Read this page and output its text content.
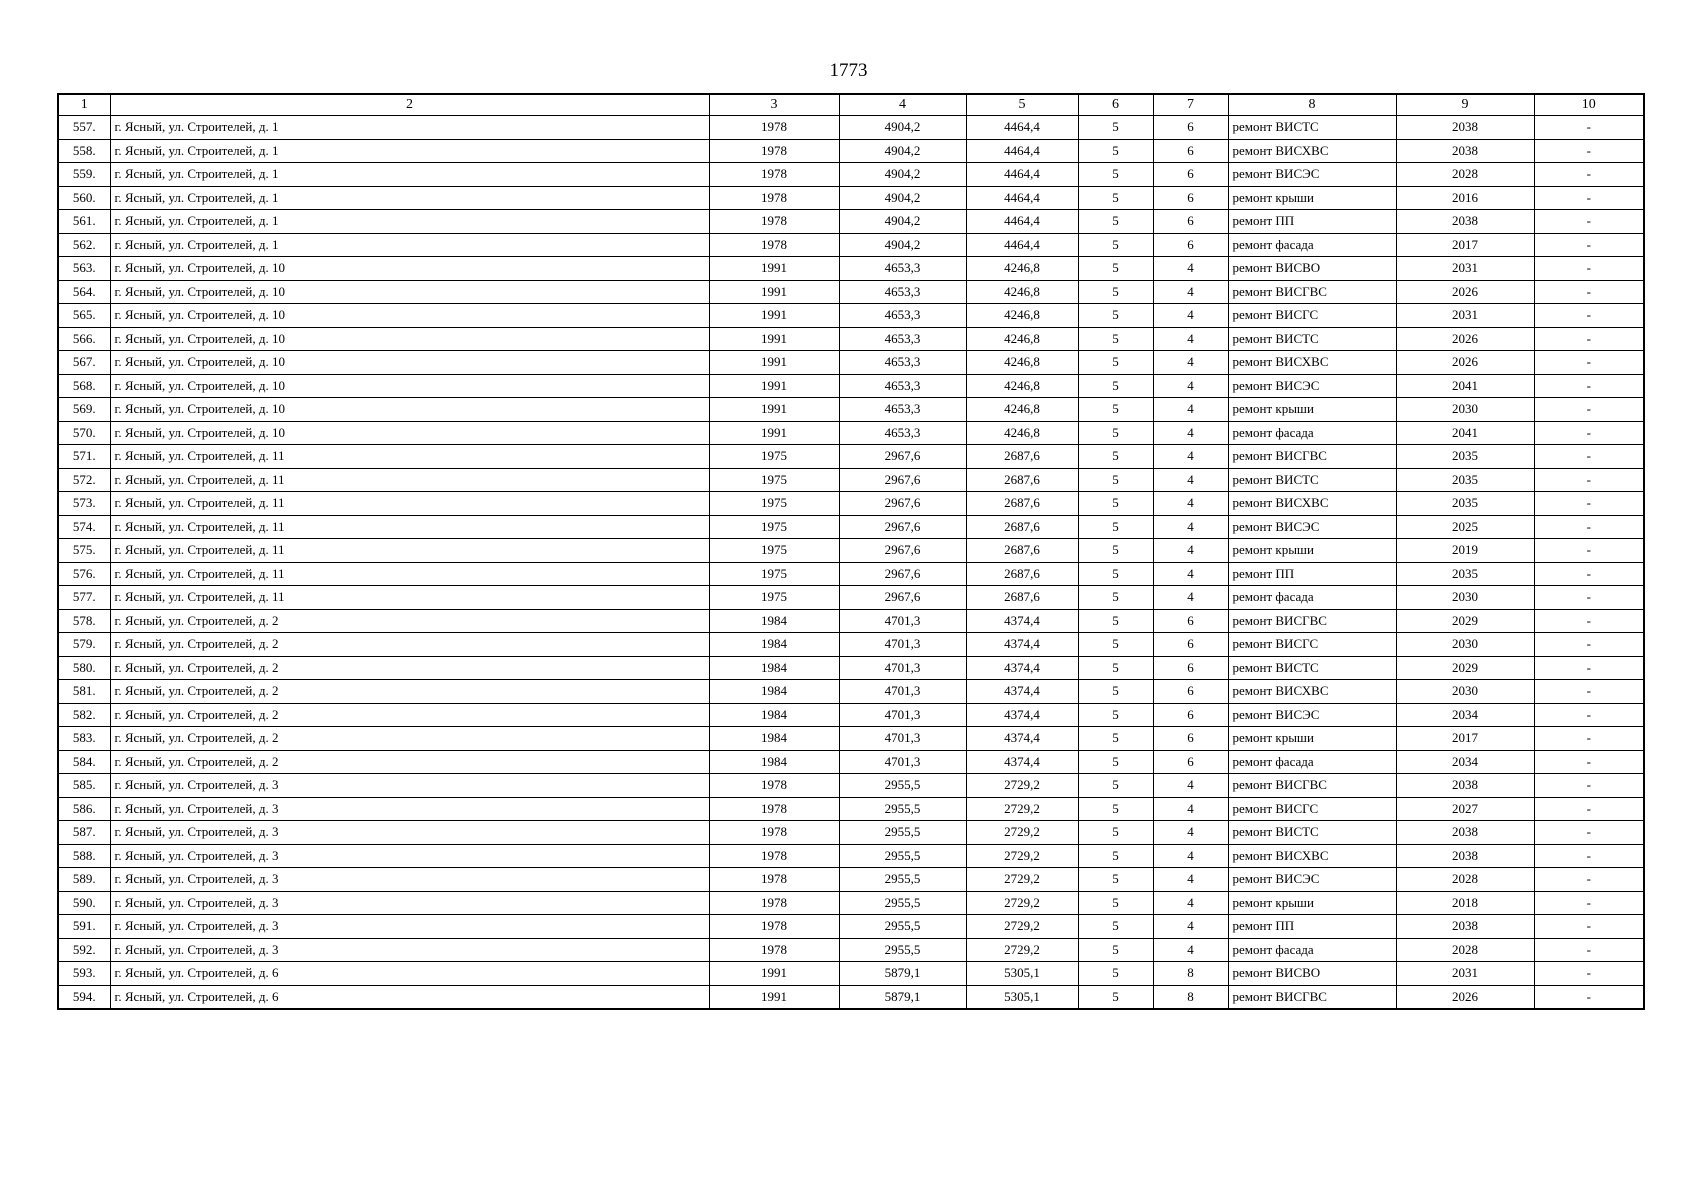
1773
1	2	3	4	5	6	7	8	9	10
557.	г. Ясный, ул. Строителей, д. 1	1978	4904,2	4464,4	5	6	ремонт ВИСТС	2038	-
558.	г. Ясный, ул. Строителей, д. 1	1978	4904,2	4464,4	5	6	ремонт ВИСХВС	2038	-
559.	г. Ясный, ул. Строителей, д. 1	1978	4904,2	4464,4	5	6	ремонт ВИСЭС	2028	-
560.	г. Ясный, ул. Строителей, д. 1	1978	4904,2	4464,4	5	6	ремонт крыши	2016	-
561.	г. Ясный, ул. Строителей, д. 1	1978	4904,2	4464,4	5	6	ремонт ПП	2038	-
562.	г. Ясный, ул. Строителей, д. 1	1978	4904,2	4464,4	5	6	ремонт фасада	2017	-
563.	г. Ясный, ул. Строителей, д. 10	1991	4653,3	4246,8	5	4	ремонт ВИСВО	2031	-
564.	г. Ясный, ул. Строителей, д. 10	1991	4653,3	4246,8	5	4	ремонт ВИСГВС	2026	-
565.	г. Ясный, ул. Строителей, д. 10	1991	4653,3	4246,8	5	4	ремонт ВИСГС	2031	-
566.	г. Ясный, ул. Строителей, д. 10	1991	4653,3	4246,8	5	4	ремонт ВИСТС	2026	-
567.	г. Ясный, ул. Строителей, д. 10	1991	4653,3	4246,8	5	4	ремонт ВИСХВС	2026	-
568.	г. Ясный, ул. Строителей, д. 10	1991	4653,3	4246,8	5	4	ремонт ВИСЭС	2041	-
569.	г. Ясный, ул. Строителей, д. 10	1991	4653,3	4246,8	5	4	ремонт крыши	2030	-
570.	г. Ясный, ул. Строителей, д. 10	1991	4653,3	4246,8	5	4	ремонт фасада	2041	-
571.	г. Ясный, ул. Строителей, д. 11	1975	2967,6	2687,6	5	4	ремонт ВИСГВС	2035	-
572.	г. Ясный, ул. Строителей, д. 11	1975	2967,6	2687,6	5	4	ремонт ВИСТС	2035	-
573.	г. Ясный, ул. Строителей, д. 11	1975	2967,6	2687,6	5	4	ремонт ВИСХВС	2035	-
574.	г. Ясный, ул. Строителей, д. 11	1975	2967,6	2687,6	5	4	ремонт ВИСЭС	2025	-
575.	г. Ясный, ул. Строителей, д. 11	1975	2967,6	2687,6	5	4	ремонт крыши	2019	-
576.	г. Ясный, ул. Строителей, д. 11	1975	2967,6	2687,6	5	4	ремонт ПП	2035	-
577.	г. Ясный, ул. Строителей, д. 11	1975	2967,6	2687,6	5	4	ремонт фасада	2030	-
578.	г. Ясный, ул. Строителей, д. 2	1984	4701,3	4374,4	5	6	ремонт ВИСГВС	2029	-
579.	г. Ясный, ул. Строителей, д. 2	1984	4701,3	4374,4	5	6	ремонт ВИСГС	2030	-
580.	г. Ясный, ул. Строителей, д. 2	1984	4701,3	4374,4	5	6	ремонт ВИСТС	2029	-
581.	г. Ясный, ул. Строителей, д. 2	1984	4701,3	4374,4	5	6	ремонт ВИСХВС	2030	-
582.	г. Ясный, ул. Строителей, д. 2	1984	4701,3	4374,4	5	6	ремонт ВИСЭС	2034	-
583.	г. Ясный, ул. Строителей, д. 2	1984	4701,3	4374,4	5	6	ремонт крыши	2017	-
584.	г. Ясный, ул. Строителей, д. 2	1984	4701,3	4374,4	5	6	ремонт фасада	2034	-
585.	г. Ясный, ул. Строителей, д. 3	1978	2955,5	2729,2	5	4	ремонт ВИСГВС	2038	-
586.	г. Ясный, ул. Строителей, д. 3	1978	2955,5	2729,2	5	4	ремонт ВИСГС	2027	-
587.	г. Ясный, ул. Строителей, д. 3	1978	2955,5	2729,2	5	4	ремонт ВИСТС	2038	-
588.	г. Ясный, ул. Строителей, д. 3	1978	2955,5	2729,2	5	4	ремонт ВИСХВС	2038	-
589.	г. Ясный, ул. Строителей, д. 3	1978	2955,5	2729,2	5	4	ремонт ВИСЭС	2028	-
590.	г. Ясный, ул. Строителей, д. 3	1978	2955,5	2729,2	5	4	ремонт крыши	2018	-
591.	г. Ясный, ул. Строителей, д. 3	1978	2955,5	2729,2	5	4	ремонт ПП	2038	-
592.	г. Ясный, ул. Строителей, д. 3	1978	2955,5	2729,2	5	4	ремонт фасада	2028	-
593.	г. Ясный, ул. Строителей, д. 6	1991	5879,1	5305,1	5	8	ремонт ВИСВО	2031	-
594.	г. Ясный, ул. Строителей, д. 6	1991	5879,1	5305,1	5	8	ремонт ВИСГВС	2026	-
